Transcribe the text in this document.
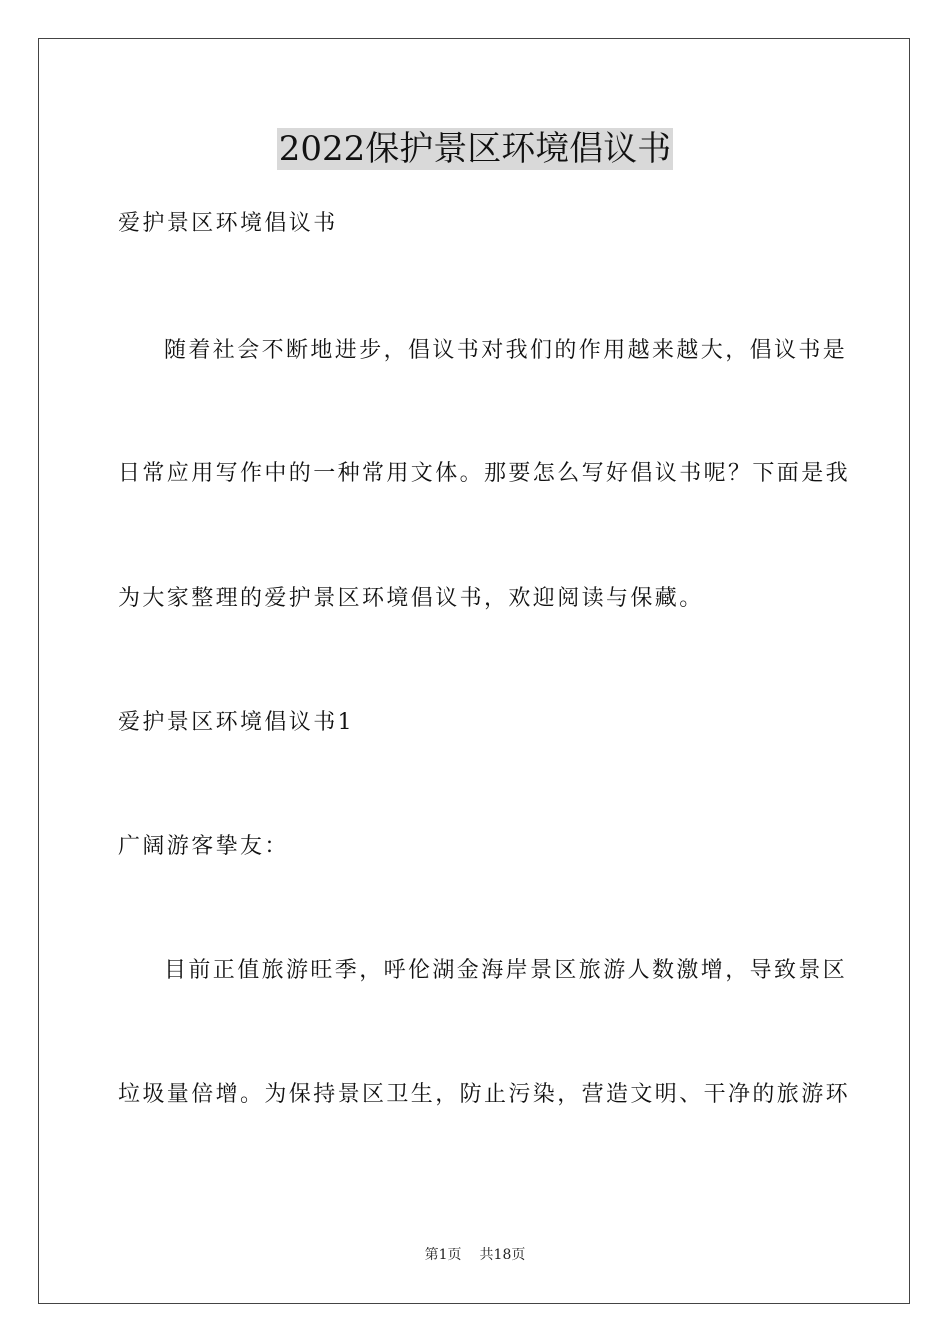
2022保护景区环境倡议书
爱护景区环境倡议书
随着社会不断地进步，倡议书对我们的作用越来越大，倡议书是
日常应用写作中的一种常用文体。那要怎么写好倡议书呢？下面是我
为大家整理的爱护景区环境倡议书，欢迎阅读与保藏。
爱护景区环境倡议书1
广阔游客挚友：
目前正值旅游旺季，呼伦湖金海岸景区旅游人数激增，导致景区
垃圾量倍增。为保持景区卫生，防止污染，营造文明、干净的旅游环
第1页 共18页
